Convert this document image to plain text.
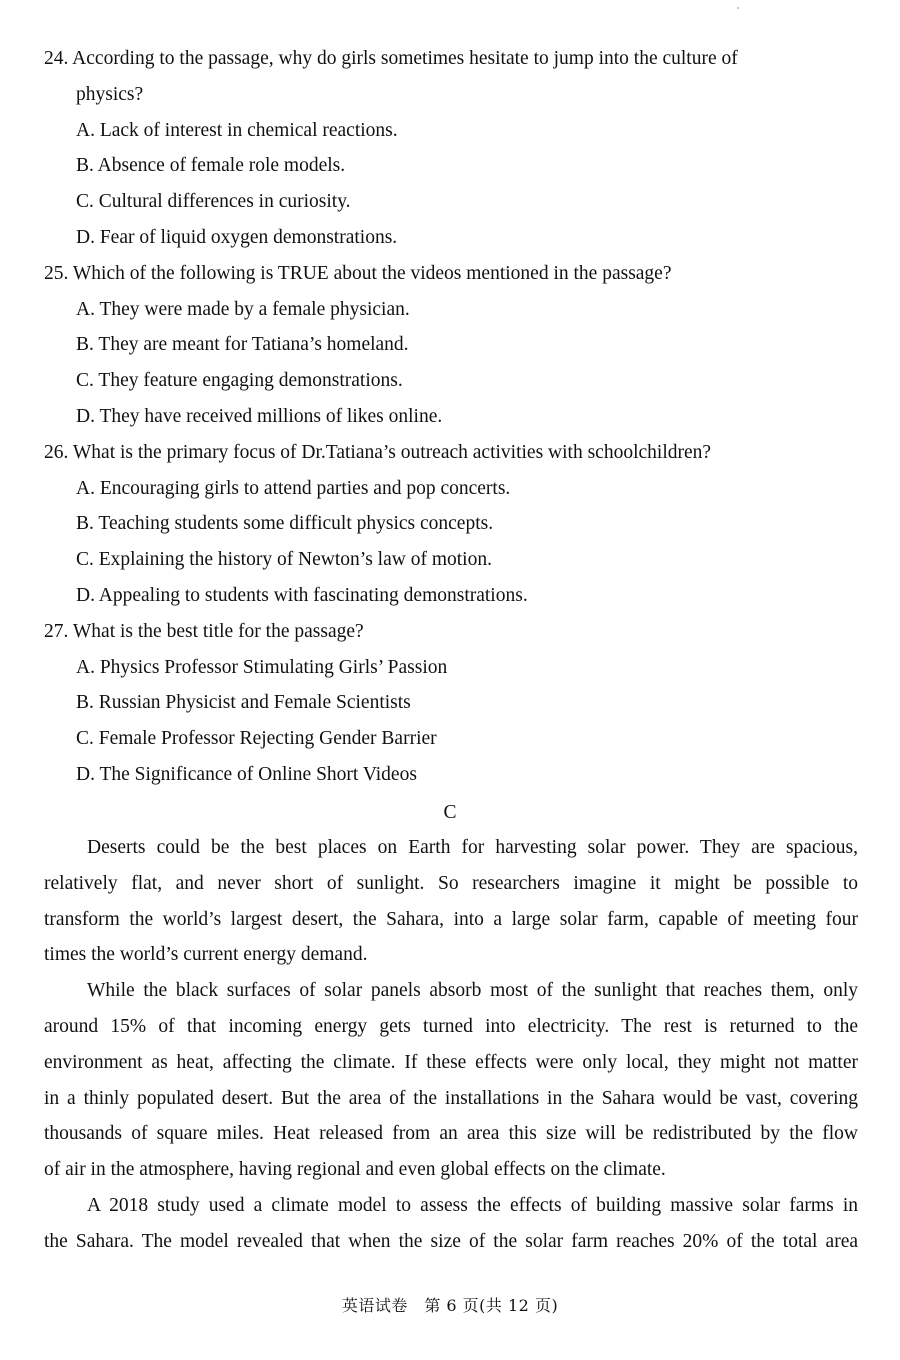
24. According to the passage, why do girls sometimes hesitate to jump into the culture of
physics?
A. Lack of interest in chemical reactions.
B. Absence of female role models.
C. Cultural differences in curiosity.
D. Fear of liquid oxygen demonstrations.
25. Which of the following is TRUE about the videos mentioned in the passage?
A. They were made by a female physician.
B. They are meant for Tatiana’s homeland.
C. They feature engaging demonstrations.
D. They have received millions of likes online.
26. What is the primary focus of Dr.Tatiana’s outreach activities with schoolchildren?
A. Encouraging girls to attend parties and pop concerts.
B. Teaching students some difficult physics concepts.
C. Explaining the history of Newton’s law of motion.
D. Appealing to students with fascinating demonstrations.
27. What is the best title for the passage?
A. Physics Professor Stimulating Girls’ Passion
B. Russian Physicist and Female Scientists
C. Female Professor Rejecting Gender Barrier
D. The Significance of Online Short Videos
C
Deserts could be the best places on Earth for harvesting solar power. They are spacious,
relatively flat, and never short of sunlight. So researchers imagine it might be possible to
transform the world’s largest desert, the Sahara, into a large solar farm, capable of meeting four
times the world’s current energy demand.
While the black surfaces of solar panels absorb most of the sunlight that reaches them, only
around 15% of that incoming energy gets turned into electricity. The rest is returned to the
environment as heat, affecting the climate. If these effects were only local, they might not matter
in a thinly populated desert. But the area of the installations in the Sahara would be vast, covering
thousands of square miles. Heat released from an area this size will be redistributed by the flow
of air in the atmosphere, having regional and even global effects on the climate.
A 2018 study used a climate model to assess the effects of building massive solar farms in
the Sahara. The model revealed that when the size of the solar farm reaches 20% of the total area
英语试卷　第 6 页(共 12 页)
